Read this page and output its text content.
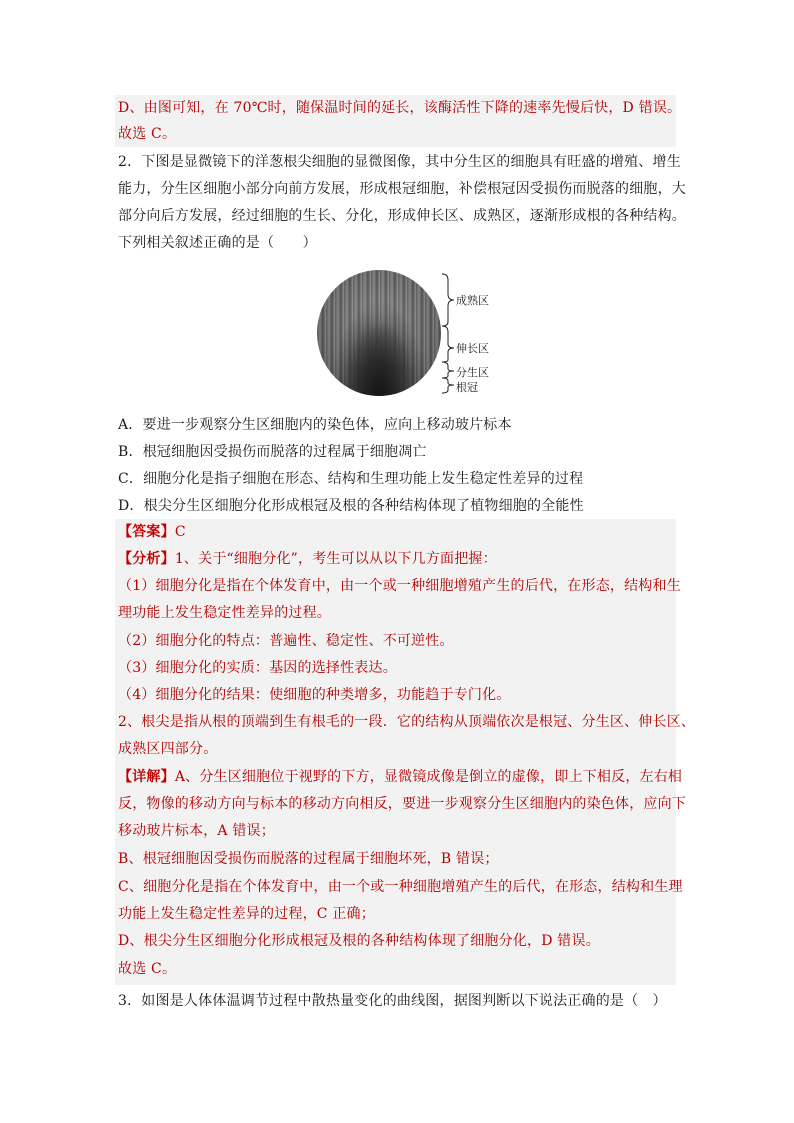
D、由图可知，在 70℃时，随保温时间的延长，该酶活性下降的速率先慢后快，D 错误。
故选 C。
2．下图是显微镜下的洋葱根尖细胞的显微图像，其中分生区的细胞具有旺盛的增殖、增生
能力，分生区细胞小部分向前方发展，形成根冠细胞，补偿根冠因受损伤而脱落的细胞，大
部分向后方发展，经过细胞的生长、分化，形成伸长区、成熟区，逐渐形成根的各种结构。
下列相关叙述正确的是（　　）
成熟区
伸长区
分生区
根冠
A．要进一步观察分生区细胞内的染色体，应向上移动玻片标本
B．根冠细胞因受损伤而脱落的过程属于细胞凋亡
C．细胞分化是指子细胞在形态、结构和生理功能上发生稳定性差异的过程
D．根尖分生区细胞分化形成根冠及根的各种结构体现了植物细胞的全能性
【答案】C
【分析】1、关于“细胞分化”，考生可以从以下几方面把握：
（1）细胞分化是指在个体发育中，由一个或一种细胞增殖产生的后代，在形态，结构和生
理功能上发生稳定性差异的过程。
（2）细胞分化的特点：普遍性、稳定性、不可逆性。
（3）细胞分化的实质：基因的选择性表达。
（4）细胞分化的结果：使细胞的种类增多，功能趋于专门化。
2、根尖是指从根的顶端到生有根毛的一段．它的结构从顶端依次是根冠、分生区、伸长区、
成熟区四部分。
【详解】A、分生区细胞位于视野的下方，显微镜成像是倒立的虚像，即上下相反，左右相
反，物像的移动方向与标本的移动方向相反，要进一步观察分生区细胞内的染色体，应向下
移动玻片标本，A 错误；
B、根冠细胞因受损伤而脱落的过程属于细胞坏死，B 错误；
C、细胞分化是指在个体发育中，由一个或一种细胞增殖产生的后代，在形态，结构和生理
功能上发生稳定性差异的过程，C 正确；
D、根尖分生区细胞分化形成根冠及根的各种结构体现了细胞分化，D 错误。
故选 C。
3．如图是人体体温调节过程中散热量变化的曲线图，据图判断以下说法正确的是（　）
